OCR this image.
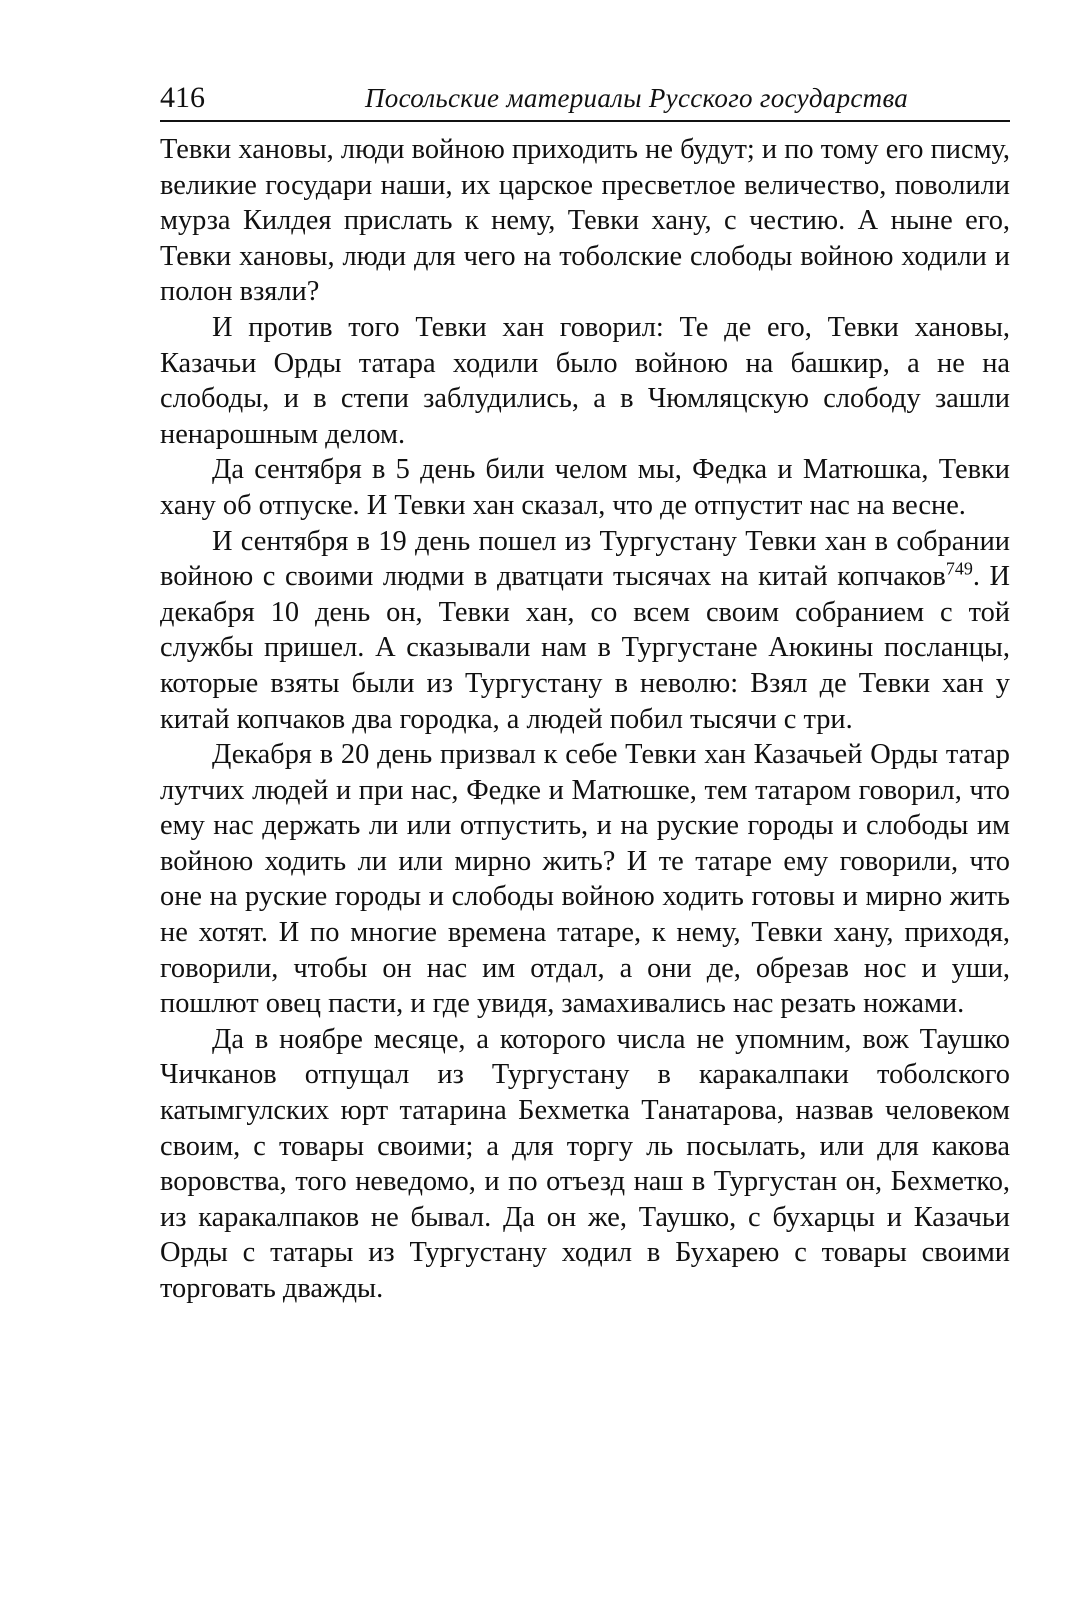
416	Посольские материалы Русского государства

Тевки хановы, люди войною приходить не будут; и по тому его писму, великие государи наши, их царское пресветлое величество, поволили мурза Килдея прислать к нему, Тевки хану, с честию. А ныне его, Тевки хановы, люди для чего на тоболские слободы войною ходили и полон взяли?

И против того Тевки хан говорил: Те де его, Тевки хановы, Казачьи Орды татара ходили было войною на башкир, а не на слободы, и в степи заблудились, а в Чюмляцскую слободу зашли ненарошным делом.

Да сентября в 5 день били челом мы, Федка и Матюшка, Тевки хану об отпуске. И Тевки хан сказал, что де отпустит нас на весне.

И сентября в 19 день пошел из Тургустану Тевки хан в собрании войною с своими людми в дватцати тысячах на китай копчаков$^{749}$. И декабря 10 день он, Тевки хан, со всем своим собранием с той службы пришел. А сказывали нам в Тургустане Аюкины посланцы, которые взяты были из Тургустану в неволю: Взял де Тевки хан у китай копчаков два городка, а людей побил тысячи с три.

Декабря в 20 день призвал к себе Тевки хан Казачьей Орды татар лутчих людей и при нас, Федке и Матюшке, тем татаром говорил, что ему нас держать ли или отпустить, и на руские городы и слободы им войною ходить ли или мирно жить? И те татаре ему говорили, что оне на руские городы и слободы войною ходить готовы и мирно жить не хотят. И по многие времена татаре, к нему, Тевки хану, приходя, говорили, чтобы он нас им отдал, а они де, обрезав нос и уши, пошлют овец пасти, и где увидя, замахивались нас резать ножами.

Да в нoябре месяце, а которого числа не упомним, вож Таушко Чичканов отпущал из Тургустану в каракалпаки тоболского катымгулских юрт татарина Бехметка Танатарова, назвав человеком своим, с товары своими; а для торгу ль посылать, или для какова воровства, того неведомо, и по отъезд наш в Тургустан он, Бехметко, из каракалпаков не бывал. Да он же, Таушко, с бухарцы и Казачьи Орды с татары из Тургустану ходил в Бухарею с товары своими торговать дважды.
